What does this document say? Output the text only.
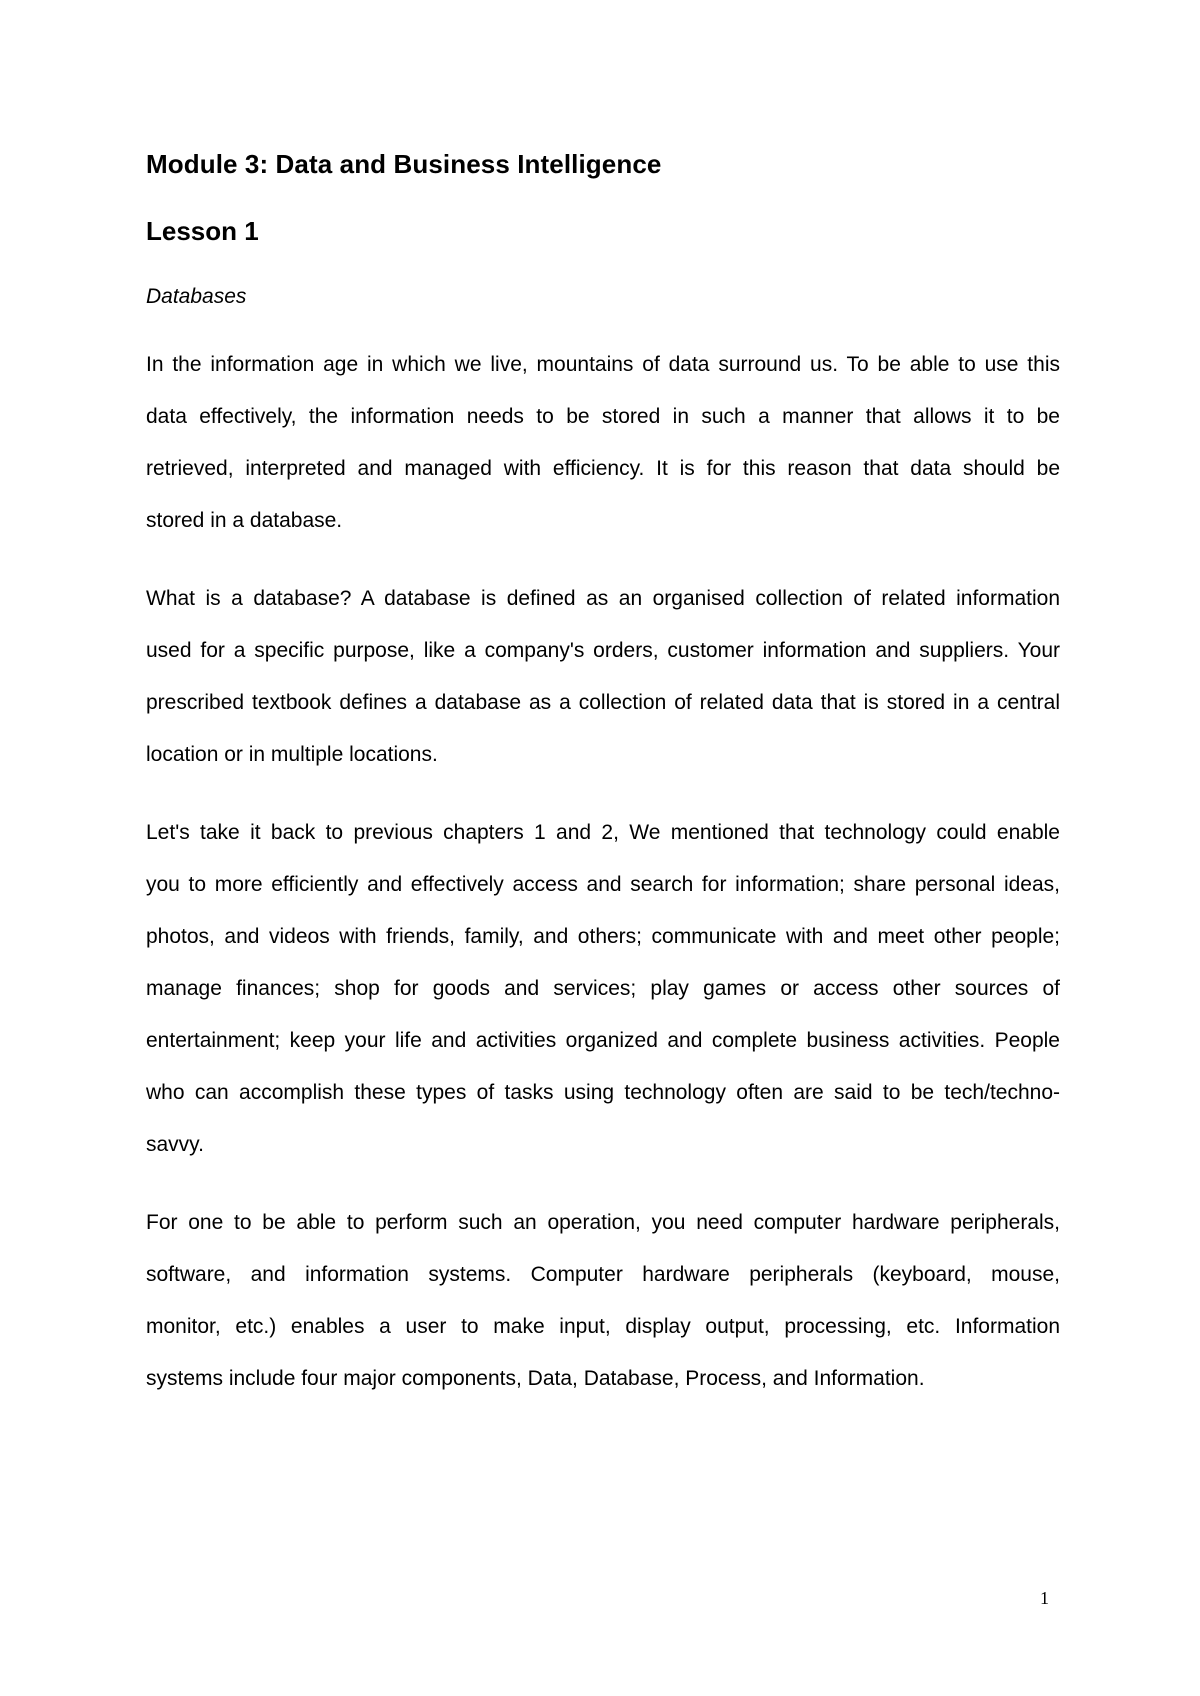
Module 3: Data and Business Intelligence
Lesson 1
Databases

In the information age in which we live, mountains of data surround us. To be able to use this
data effectively, the information needs to be stored in such a manner that allows it to be
retrieved, interpreted and managed with efficiency. It is for this reason that data should be
stored in a database.

What is a database? A database is defined as an organised collection of related information
used for a specific purpose, like a company's orders, customer information and suppliers. Your
prescribed textbook defines a database as a collection of related data that is stored in a central
location or in multiple locations.

Let's take it back to previous chapters 1 and 2, We mentioned that technology could enable
you to more efficiently and effectively access and search for information; share personal ideas,
photos, and videos with friends, family, and others; communicate with and meet other people;
manage finances; shop for goods and services; play games or access other sources of
entertainment; keep your life and activities organized and complete business activities. People
who can accomplish these types of tasks using technology often are said to be tech/techno-
savvy.

For one to be able to perform such an operation, you need computer hardware peripherals,
software, and information systems. Computer hardware peripherals (keyboard, mouse,
monitor, etc.) enables a user to make input, display output, processing, etc. Information
systems include four major components, Data, Database, Process, and Information.

1
